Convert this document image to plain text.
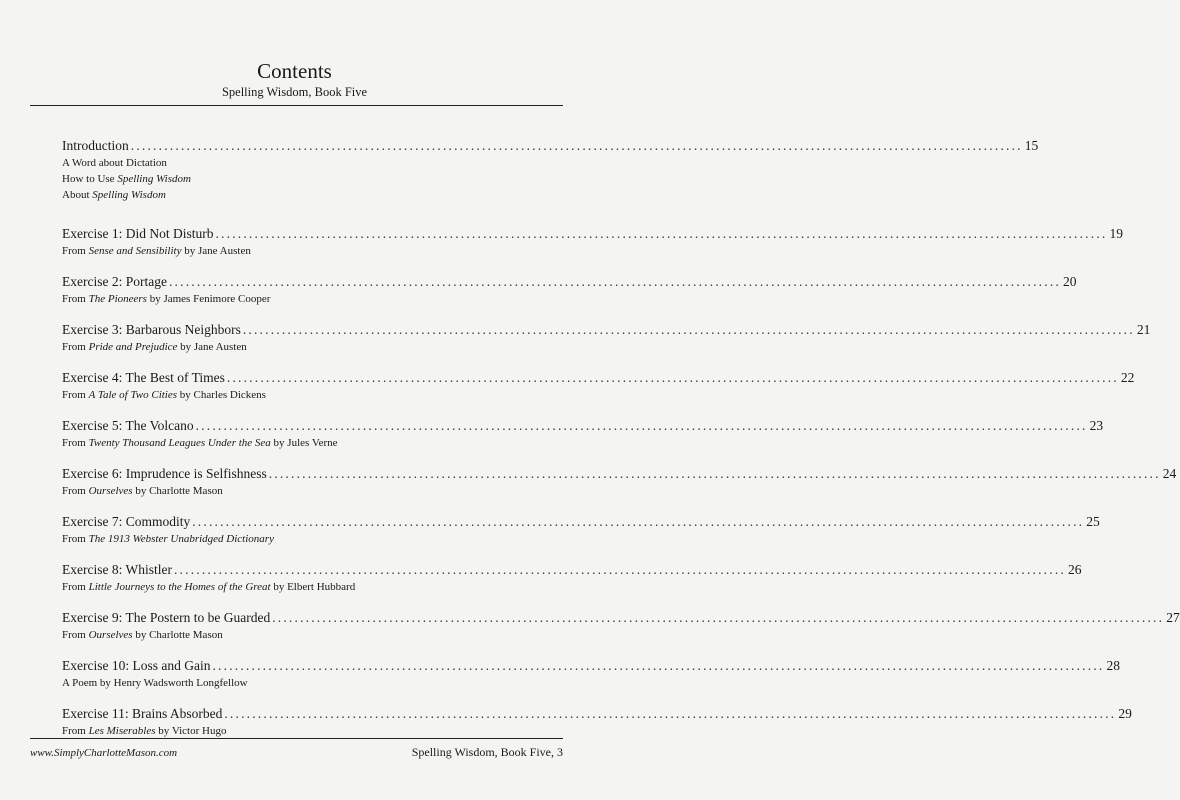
Contents
Spelling Wisdom, Book Five
Introduction ................................................................................................................................................................ 15
A Word about Dictation
How to Use Spelling Wisdom
About Spelling Wisdom
Exercise 1: Did Not Disturb ................................................................................................................................................................ 19
From Sense and Sensibility by Jane Austen
Exercise 2: Portage ................................................................................................................................................................ 20
From The Pioneers by James Fenimore Cooper
Exercise 3: Barbarous Neighbors ................................................................................................................................................................ 21
From Pride and Prejudice by Jane Austen
Exercise 4: The Best of Times ................................................................................................................................................................ 22
From A Tale of Two Cities by Charles Dickens
Exercise 5: The Volcano ................................................................................................................................................................ 23
From Twenty Thousand Leagues Under the Sea by Jules Verne
Exercise 6: Imprudence is Selfishness ................................................................................................................................................................ 24
From Ourselves by Charlotte Mason
Exercise 7: Commodity ................................................................................................................................................................ 25
From The 1913 Webster Unabridged Dictionary
Exercise 8: Whistler ................................................................................................................................................................ 26
From Little Journeys to the Homes of the Great by Elbert Hubbard
Exercise 9: The Postern to be Guarded ................................................................................................................................................................ 27
From Ourselves by Charlotte Mason
Exercise 10: Loss and Gain ................................................................................................................................................................ 28
A Poem by Henry Wadsworth Longfellow
Exercise 11: Brains Absorbed ................................................................................................................................................................ 29
From Les Miserables by Victor Hugo
www.SimplyCharlotteMason.com	Spelling Wisdom, Book Five, 3
